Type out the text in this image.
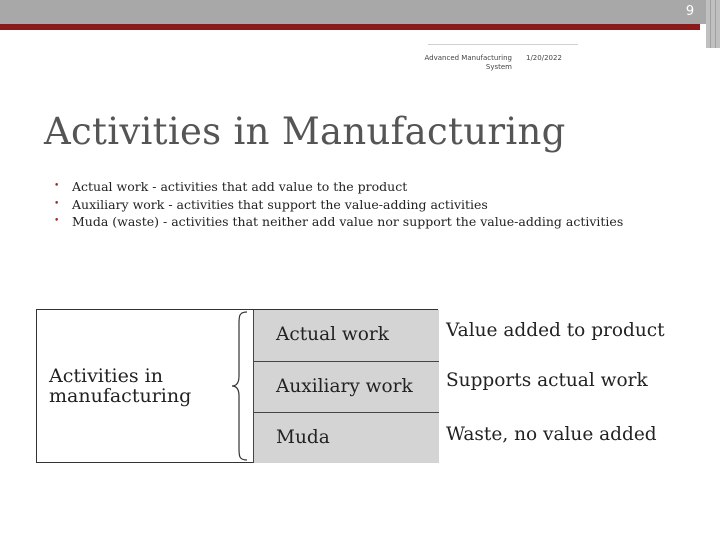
9
Advanced Manufacturing System
1/20/2022
Activities in Manufacturing
• Actual work - activities that add value to the product
• Auxiliary work - activities that support the value-adding activities
• Muda (waste) - activities that neither add value nor support the value-adding activities
Activities in
manufacturing
Actual work
Auxiliary work
Muda
Value added to product
Supports actual work
Waste, no value added
